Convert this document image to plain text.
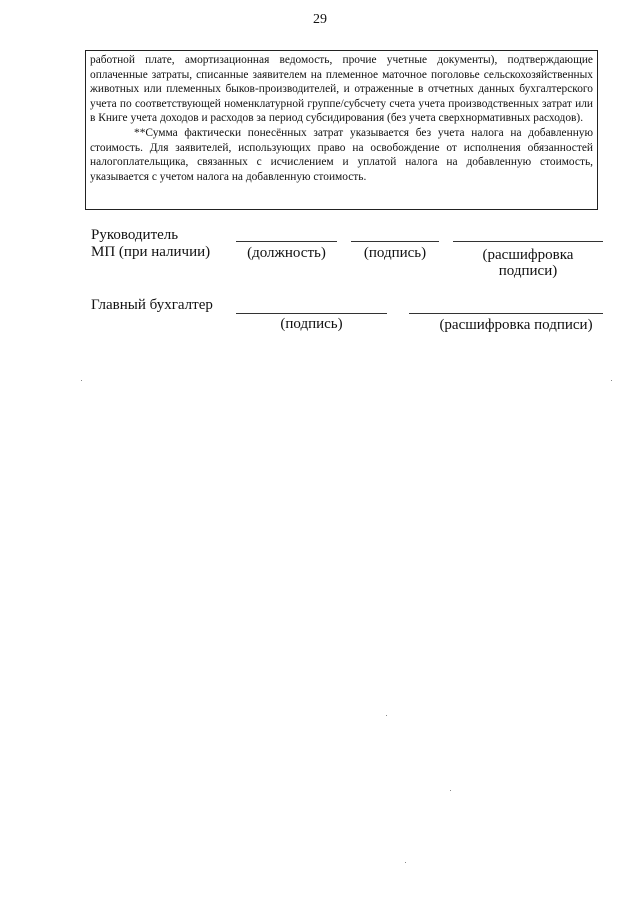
29

работной плате, амортизационная ведомость, прочие учетные документы), подтверждающие оплаченные затраты, списанные заявителем на племенное маточное поголовье сельскохозяйственных животных или племенных быков-производителей, и отраженные в отчетных данных бухгалтерского учета по соответствующей номенклатурной группе/субсчету счета учета производственных затрат или в Книге учета доходов и расходов за период субсидирования (без учета сверхнормативных расходов).

**Сумма фактически понесённых затрат указывается без учета налога на добавленную стоимость. Для заявителей, использующих право на освобождение от исполнения обязанностей налогоплательщика, связанных с исчислением и уплатой налога на добавленную стоимость, указывается с учетом налога на добавленную стоимость.

Руководитель
МП (при наличии)	(должность)	(подпись)	(расшифровка
подписи)
Главный бухгалтер
(подпись)	(расшифровка подписи)
